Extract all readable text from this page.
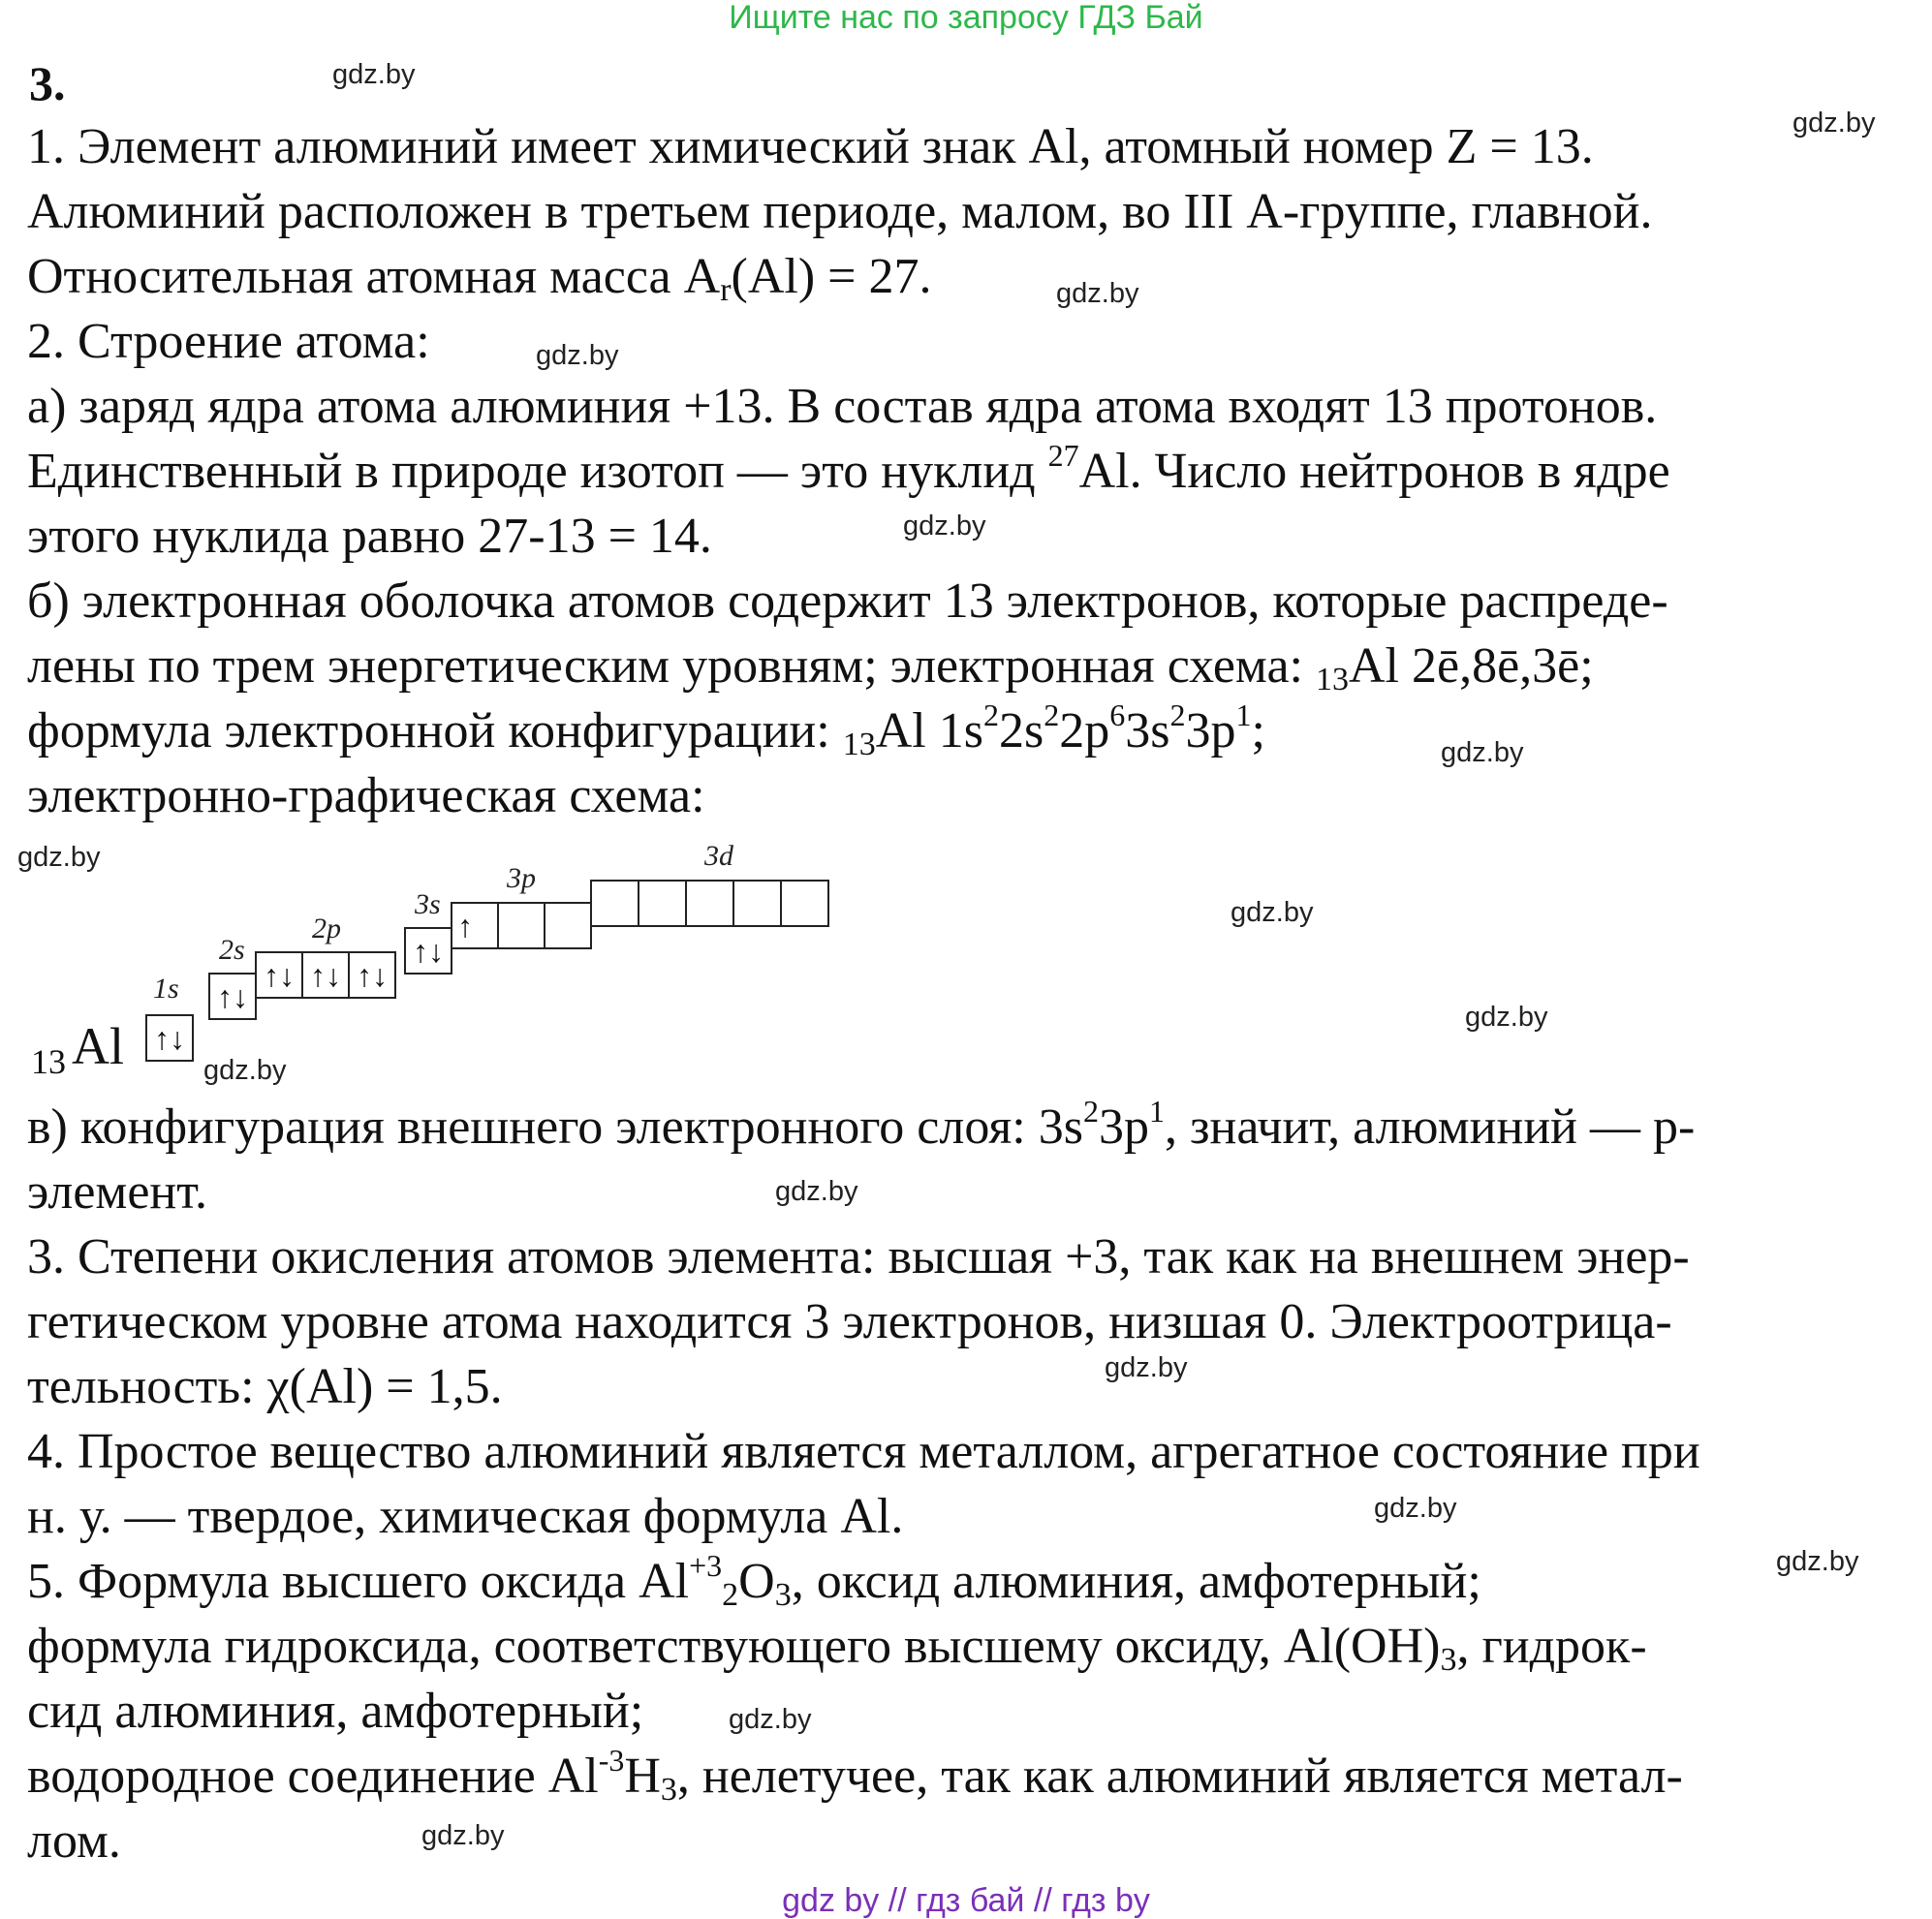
Ищите нас по запросу ГДЗ Бай
3.
1. Элемент алюминий имеет химический знак Al, атомный номер Z = 13.
Алюминий расположен в третьем периоде, малом, во III А-группе, главной.
Относительная атомная масса $A_r(Al) = 27$.
2. Строение атома:
а) заряд ядра атома алюминия +13. В состав ядра атома входят 13 протонов.
Единственный в природе изотоп — это нуклид $^{27}$Al. Число нейтронов в ядре
этого нуклида равно 27-13 = 14.
б) электронная оболочка атомов содержит 13 электронов, которые распреде-
лены по трем энергетическим уровням; электронная схема: 13Al 2ē,8ē,3ē;
формула электронной конфигурации: 13Al $1s^22s^22p^63s^23p^1$;
электронно-графическая схема:
1s
2s
2p
3s
3p
3d
↑↓
↑↓
↑↓ ↑↓ ↑↓
↑↓
↑
13 Al
в) конфигурация внешнего электронного слоя: $3s^23p^1$, значит, алюминий — p-
элемент.
3. Степени окисления атомов элемента: высшая +3, так как на внешнем энер-
гетическом уровне атома находится 3 электронов, низшая 0. Электроотрица-
тельность: χ(Al) = 1,5.
4. Простое вещество алюминий является металлом, агрегатное состояние при
н. у. — твердое, химическая формула Al.
5. Формула высшего оксида $Al^{+3}_2O_3$, оксид алюминия, амфотерный;
формула гидроксида, соответствующего высшему оксиду, $Al(OH)_3$, гидрок-
сид алюминия, амфотерный;
водородное соединение $Al^{-3}H_3$, нелетучее, так как алюминий является метал-
лом.
gdz.by
gdz.by
gdz.by
gdz.by
gdz.by
gdz.by
gdz.by
gdz.by
gdz.by
gdz.by
gdz.by
gdz.by
gdz.by
gdz.by
gdz.by
gdz.by
gdz by // гдз бай // гдз by
